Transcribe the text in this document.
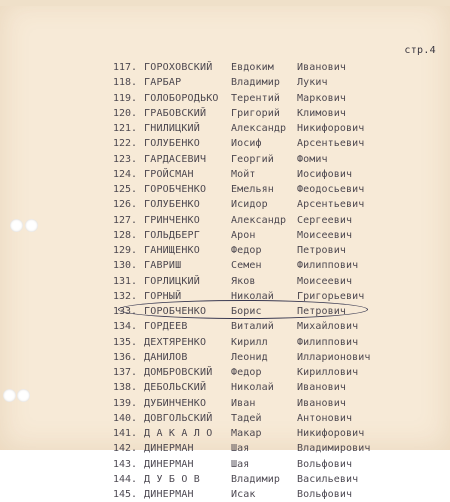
стр.4
117. ГОРОХОВСКИЙ Евдоким Иванович
118. ГАРБАР	Владимир Лукич
119. ГОЛОБОРОДЬКО Терентий Маркович
120. ГРАБОВСКИЙ Григорий Климович
121. ГНИЛИЦКИЙ	Александр Никифорович
122. ГОЛУБЕНКО	Иосиф	Арсентьевич
123. ГАРДАСЕВИЧ Георгий Фомич
124. ГРОЙСМАН	Мойт	Иосифович
125. ГОРОБЧЕНКО Емельян Феодосьевич
126. ГОЛУБЕНКО	Исидор	Арсентьевич
127. ГРИНЧЕНКО	Александр Сергеевич
128. ГОЛЬДБЕРГ	Арон	Моисеевич
129. ГАНИЩЕНКО	Федор	Петрович
130. ГАВРИШ	Семен	Филиппович
131. ГОРЛИЦКИЙ	Яков	Моисеевич
132. ГОРНЫЙ	Николай Григорьевич
133. ГОРОБЧЕНКО Борис	Петрович
134. ГОРДЕЕВ	Виталий Михайлович
135. ДЕХТЯРЕНКО Кирилл	Филиппович
136. ДАНИЛОВ	Леонид	Илларионович
137. ДОМБРОВСКИЙ Федор	Кириллович
138. ДЕБОЛЬСКИЙ Николай Иванович
139. ДУБИНЧЕНКО Иван	Иванович
140. ДОВГОЛЬСКИЙ Тадей	Антонович
141. Д А К А Л О Макар	Никифорович
142. ДИНЕРМАН	Шая	Владимирович
143. ДИНЕРМАН	Шая	Вольфович
144. Д У Б О В	Владимир Васильевич
145. ДИНЕРМАН	Исак	Вольфович
